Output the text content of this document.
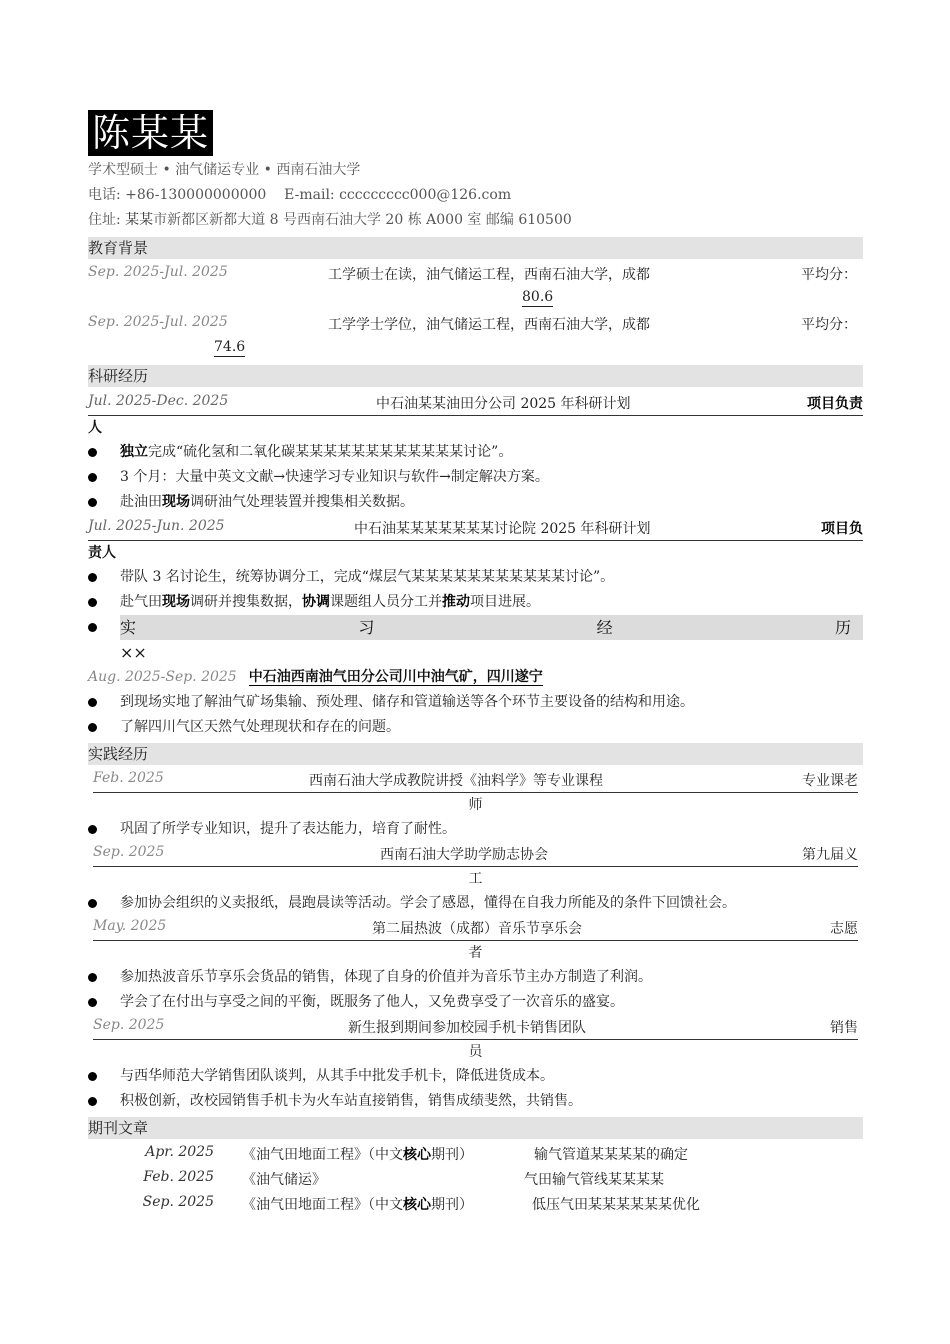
陈某某
学术型硕士 • 油气储运专业 • 西南石油大学
电话: +86-130000000000    E-mail: ccccccccc000@126.com
住址: 某某市新都区新都大道 8 号西南石油大学 20 栋 A000 室 邮编 610500
教育背景
Sep. 2025-Jul. 2025	工学硕士在读，油气储运工程，西南石油大学，成都	平均分：
80.6
Sep. 2025-Jul. 2025	工学学士学位，油气储运工程，西南石油大学，成都	平均分：
74.6
科研经历
Jul. 2025-Dec. 2025	中石油某某油田分公司 2025 年科研计划	项目负责
人
独立完成“硫化氢和二氧化碳某某某某某某某某某某某某讨论”。
3 个月：大量中英文文献→快速学习专业知识与软件→制定解决方案。
赴油田现场调研油气处理装置并搜集相关数据。
Jul. 2025-Jun. 2025	中石油某某某某某某某讨论院 2025 年科研计划	项目负
责人
带队 3 名讨论生，统筹协调分工，完成“煤层气某某某某某某某某某某某讨论”。
赴气田现场调研并搜集数据，协调课题组人员分工并推动项目进展。
实	习	经	历
××
Aug. 2025-Sep. 2025 中石油西南油气田分公司川中油气矿，四川遂宁
到现场实地了解油气矿场集输、预处理、储存和管道输送等各个环节主要设备的结构和用途。
了解四川气区天然气处理现状和存在的问题。
实践经历
Feb. 2025	西南石油大学成教院讲授《油料学》等专业课程	专业课老
师
巩固了所学专业知识，提升了表达能力，培育了耐性。
Sep. 2025	西南石油大学助学励志协会	第九届义
工
参加协会组织的义卖报纸，晨跑晨读等活动。学会了感恩，懂得在自我力所能及的条件下回馈社会。
May. 2025	第二届热波（成都）音乐节享乐会	志愿
者
参加热波音乐节享乐会货品的销售，体现了自身的价值并为音乐节主办方制造了利润。
学会了在付出与享受之间的平衡，既服务了他人，又免费享受了一次音乐的盛宴。
Sep. 2025	新生报到期间参加校园手机卡销售团队	销售
员
与西华师范大学销售团队谈判，从其手中批发手机卡，降低进货成本。
积极创新，改校园销售手机卡为火车站直接销售，销售成绩斐然，共销售。
期刊文章
Apr. 2025 《油气田地面工程》（中文核心期刊）	输气管道某某某某的确定
Feb. 2025 《油气储运》	气田输气管线某某某某
Sep. 2025 《油气田地面工程》（中文核心期刊）	低压气田某某某某某某优化
